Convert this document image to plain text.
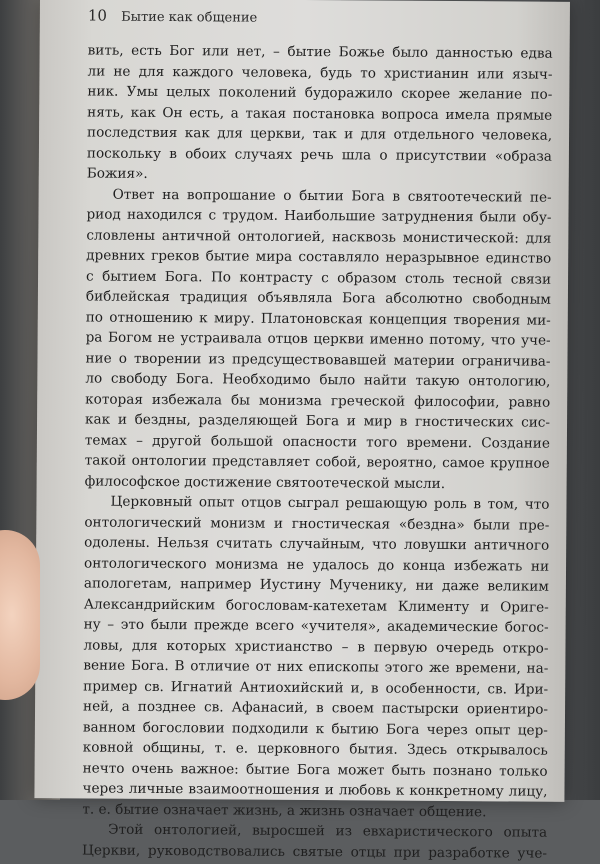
10 Бытие как общение
вить, есть Бог или нет, – бытие Божье было данностью едва
ли не для каждого человека, будь то христианин или языч-
ник. Умы целых поколений будоражило скорее желание по-
нять, как Он есть, а такая постановка вопроса имела прямые
последствия как для церкви, так и для отдельного человека,
поскольку в обоих случаях речь шла о присутствии «образа
Божия».
Ответ на вопрошание о бытии Бога в святоотеческий пе-
риод находился с трудом. Наибольшие затруднения были обу-
словлены античной онтологией, насквозь монистической: для
древних греков бытие мира составляло неразрывное единство
с бытием Бога. По контрасту с образом столь тесной связи
библейская традиция объявляла Бога абсолютно свободным
по отношению к миру. Платоновская концепция творения ми-
ра Богом не устраивала отцов церкви именно потому, что уче-
ние о творении из предсуществовавшей материи ограничива-
ло свободу Бога. Необходимо было найти такую онтологию,
которая избежала бы монизма греческой философии, равно
как и бездны, разделяющей Бога и мир в гностических сис-
темах – другой большой опасности того времени. Создание
такой онтологии представляет собой, вероятно, самое крупное
философское достижение святоотеческой мысли.
Церковный опыт отцов сыграл решающую роль в том, что
онтологический монизм и гностическая «бездна» были пре-
одолены. Нельзя считать случайным, что ловушки античного
онтологического монизма не удалось до конца избежать ни
апологетам, например Иустину Мученику, ни даже великим
Александрийским богословам-катехетам Клименту и Ориге-
ну – это были прежде всего «учителя», академические богос-
ловы, для которых христианство – в первую очередь откро-
вение Бога. В отличие от них епископы этого же времени, на-
пример св. Игнатий Антиохийский и, в особенности, св. Ири-
ней, а позднее св. Афанасий, в своем пастырски ориентиро-
ванном богословии подходили к бытию Бога через опыт цер-
ковной общины, т. е. церковного бытия. Здесь открывалось
нечто очень важное: бытие Бога может быть познано только
через личные взаимоотношения и любовь к конкретному лицу,
т. е. бытие означает жизнь, а жизнь означает общение.
Этой онтологией, выросшей из евхаристического опыта
Церкви, руководствовались святые отцы при разработке уче-
